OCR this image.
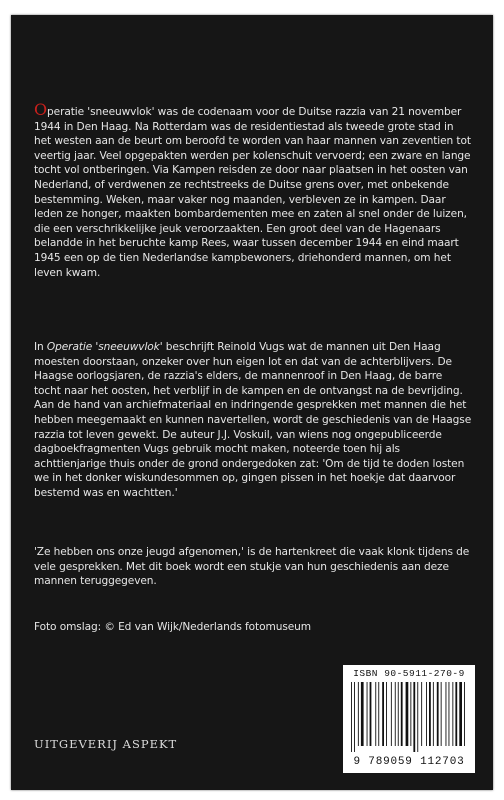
Operatie 'sneeuwvlok' was de codenaam voor de Duitse razzia van 21 november 1944 in Den Haag. Na Rotterdam was de residentiestad als tweede grote stad in het westen aan de beurt om beroofd te worden van haar mannen van zeventien tot veertig jaar. Veel opgepakten werden per kolenschuit vervoerd; een zware en lange tocht vol ontberingen. Via Kampen reisden ze door naar plaatsen in het oosten van Nederland, of verdwenen ze rechtstreeks de Duitse grens over, met onbekende bestemming. Weken, maar vaker nog maanden, verbleven ze in kampen. Daar leden ze honger, maakten bombardementen mee en zaten al snel onder de luizen, die een verschrikkelijke jeuk veroorzaakten. Een groot deel van de Hagenaars belandde in het beruchte kamp Rees, waar tussen december 1944 en eind maart 1945 een op de tien Nederlandse kampbewoners, driehonderd mannen, om het leven kwam.
In Operatie 'sneeuwvlok' beschrijft Reinold Vugs wat de mannen uit Den Haag moesten doorstaan, onzeker over hun eigen lot en dat van de achterblijvers. De Haagse oorlogsjaren, de razzia's elders, de mannenroof in Den Haag, de barre tocht naar het oosten, het verblijf in de kampen en de ontvangst na de bevrijding. Aan de hand van archiefmateriaal en indringende gesprekken met mannen die het hebben meegemaakt en kunnen navertellen, wordt de geschiedenis van de Haagse razzia tot leven gewekt. De auteur J.J. Voskuil, van wiens nog ongepubliceerde dagboekfragmenten Vugs gebruik mocht maken, noteerde toen hij als achttienjarige thuis onder de grond ondergedoken zat: 'Om de tijd te doden losten we in het donker wiskundesommen op, gingen pissen in het hoekje dat daarvoor bestemd was en wachtten.'
'Ze hebben ons onze jeugd afgenomen,' is de hartenkreet die vaak klonk tijdens de vele gesprekken. Met dit boek wordt een stukje van hun geschiedenis aan deze mannen teruggegeven.
Foto omslag: © Ed van Wijk/Nederlands fotomuseum
ISBN 90-5911-270-9
9 789059 112703
UITGEVERIJ ASPEKT
